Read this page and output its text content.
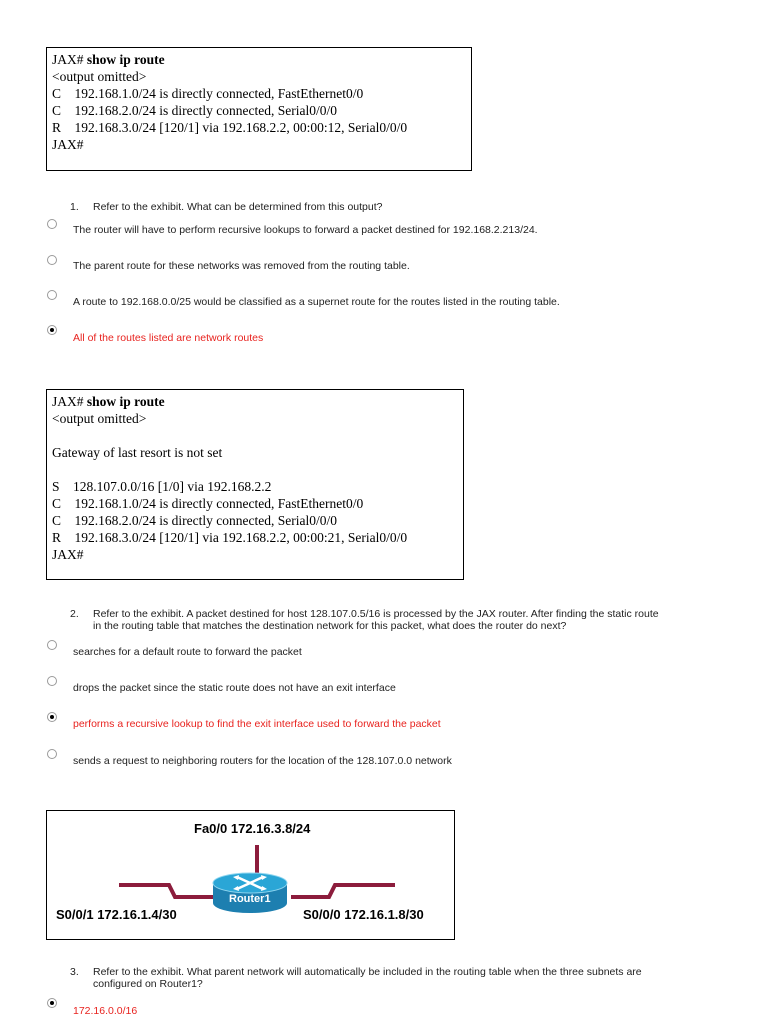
JAX# show ip route
<output omitted>
C    192.168.1.0/24 is directly connected, FastEthernet0/0
C    192.168.2.0/24 is directly connected, Serial0/0/0
R    192.168.3.0/24 [120/1] via 192.168.2.2, 00:00:12, Serial0/0/0
JAX#
1. Refer to the exhibit. What can be determined from this output?
The router will have to perform recursive lookups to forward a packet destined for 192.168.2.213/24.
The parent route for these networks was removed from the routing table.
A route to 192.168.0.0/25 would be classified as a supernet route for the routes listed in the routing table.
All of the routes listed are network routes
JAX# show ip route
<output omitted>
Gateway of last resort is not set
S    128.107.0.0/16 [1/0] via 192.168.2.2
C    192.168.1.0/24 is directly connected, FastEthernet0/0
C    192.168.2.0/24 is directly connected, Serial0/0/0
R    192.168.3.0/24 [120/1] via 192.168.2.2, 00:00:21, Serial0/0/0
JAX#
2. Refer to the exhibit. A packet destined for host 128.107.0.5/16 is processed by the JAX router. After finding the static route
in the routing table that matches the destination network for this packet, what does the router do next?
searches for a default route to forward the packet
drops the packet since the static route does not have an exit interface
performs a recursive lookup to find the exit interface used to forward the packet
sends a request to neighboring routers for the location of the 128.107.0.0 network
Fa0/0 172.16.3.8/24
Router1
S0/0/1 172.16.1.4/30	S0/0/0 172.16.1.8/30
3. Refer to the exhibit. What parent network will automatically be included in the routing table when the three subnets are
configured on Router1?
172.16.0.0/16
